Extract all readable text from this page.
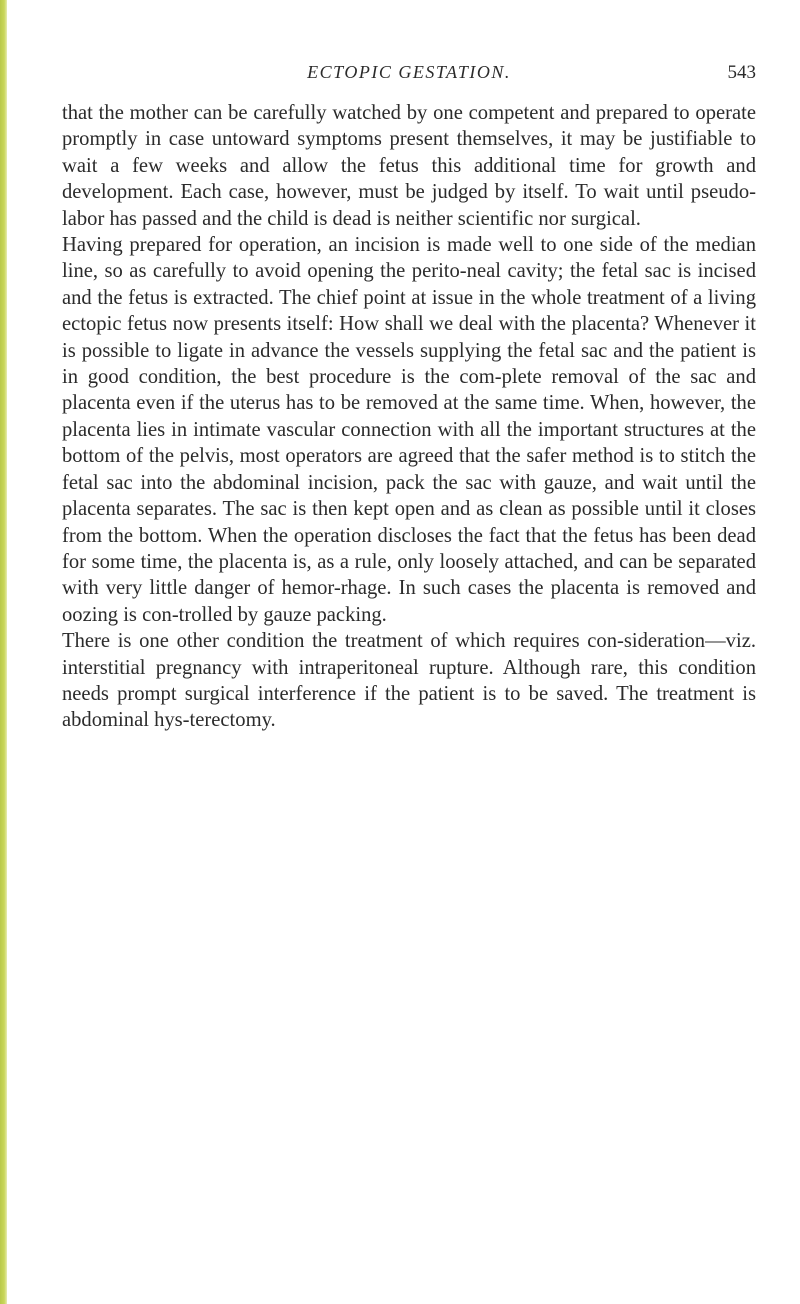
ECTOPIC GESTATION.	543

that the mother can be carefully watched by one competent and prepared to operate promptly in case untoward symptoms present themselves, it may be justifiable to wait a few weeks and allow the fetus this additional time for growth and development. Each case, however, must be judged by itself. To wait until pseudo-labor has passed and the child is dead is neither scientific nor surgical.

Having prepared for operation, an incision is made well to one side of the median line, so as carefully to avoid opening the perito-neal cavity; the fetal sac is incised and the fetus is extracted. The chief point at issue in the whole treatment of a living ectopic fetus now presents itself: How shall we deal with the placenta? Whenever it is possible to ligate in advance the vessels supplying the fetal sac and the patient is in good condition, the best procedure is the com-plete removal of the sac and placenta even if the uterus has to be removed at the same time. When, however, the placenta lies in intimate vascular connection with all the important structures at the bottom of the pelvis, most operators are agreed that the safer method is to stitch the fetal sac into the abdominal incision, pack the sac with gauze, and wait until the placenta separates. The sac is then kept open and as clean as possible until it closes from the bottom. When the operation discloses the fact that the fetus has been dead for some time, the placenta is, as a rule, only loosely attached, and can be separated with very little danger of hemor-rhage. In such cases the placenta is removed and oozing is con-trolled by gauze packing.

There is one other condition the treatment of which requires con-sideration—viz. interstitial pregnancy with intraperitoneal rupture. Although rare, this condition needs prompt surgical interference if the patient is to be saved. The treatment is abdominal hys-terectomy.
